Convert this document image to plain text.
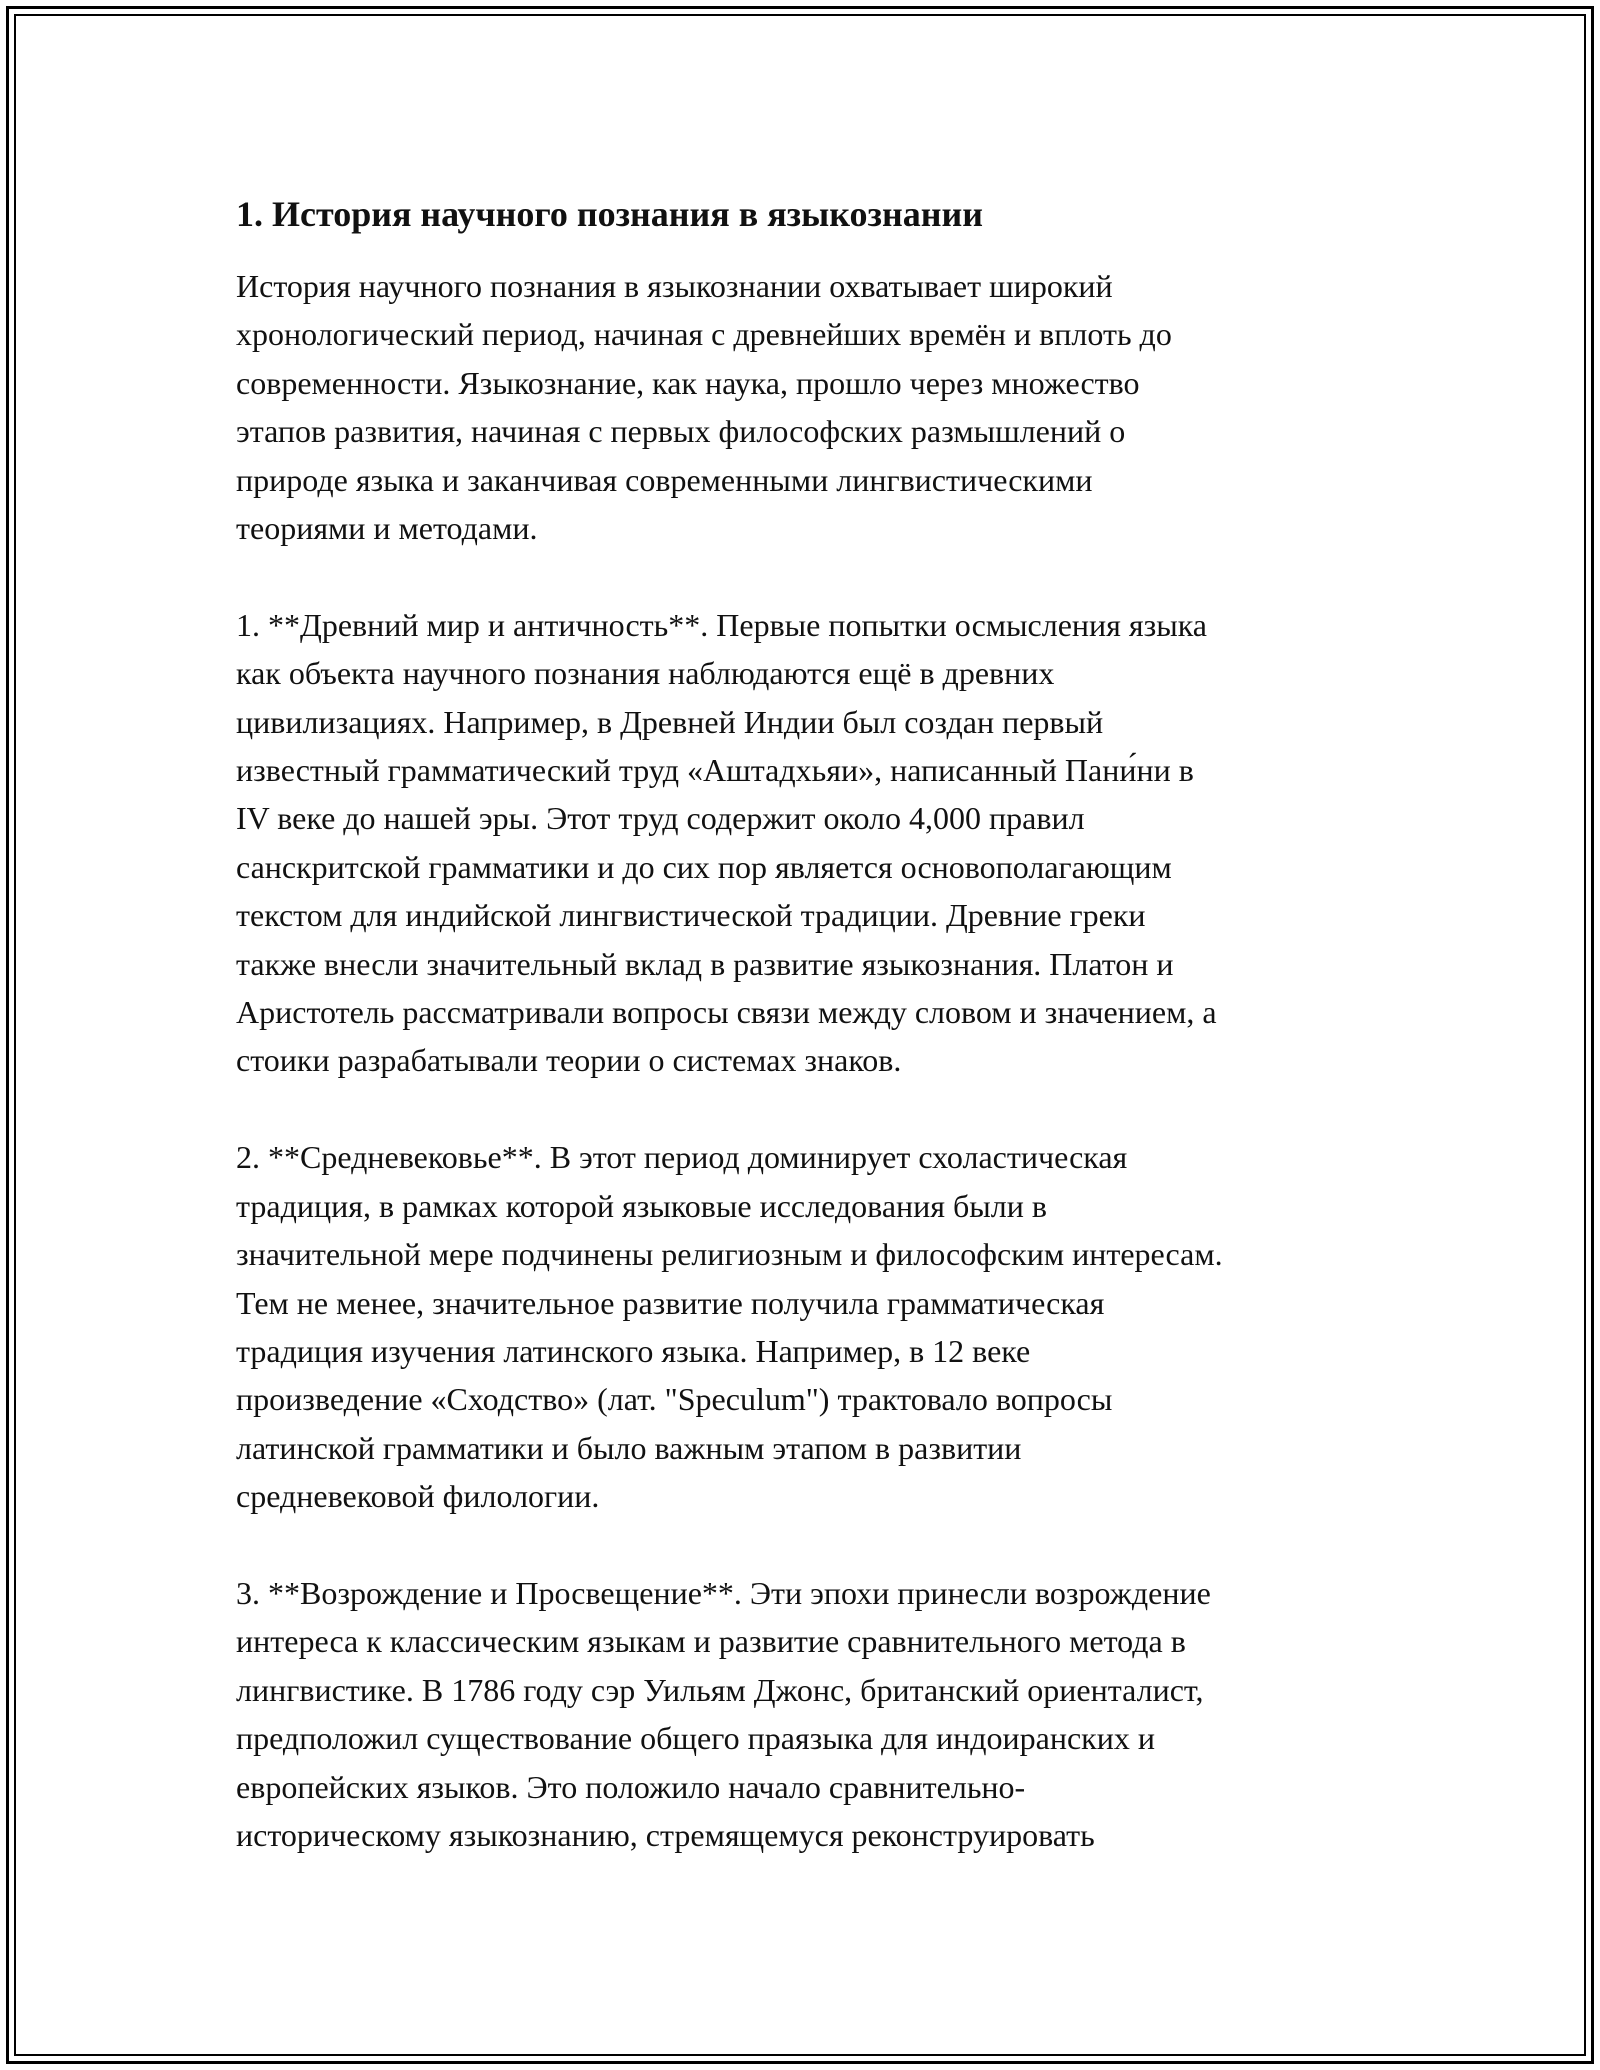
1. История научного познания в языкознании
История научного познания в языкознании охватывает широкий
хронологический период, начиная с древнейших времён и вплоть до
современности. Языкознание, как наука, прошло через множество
этапов развития, начиная с первых философских размышлений о
природе языка и заканчивая современными лингвистическими
теориями и методами.
1. **Древний мир и античность**. Первые попытки осмысления языка
как объекта научного познания наблюдаются ещё в древних
цивилизациях. Например, в Древней Индии был создан первый
известный грамматический труд «Аштадхьяи», написанный Пани́ни в
IV веке до нашей эры. Этот труд содержит около 4,000 правил
санскритской грамматики и до сих пор является основополагающим
текстом для индийской лингвистической традиции. Древние греки
также внесли значительный вклад в развитие языкознания. Платон и
Аристотель рассматривали вопросы связи между словом и значением, а
стоики разрабатывали теории о системах знаков.
2. **Средневековье**. В этот период доминирует схоластическая
традиция, в рамках которой языковые исследования были в
значительной мере подчинены религиозным и философским интересам.
Тем не менее, значительное развитие получила грамматическая
традиция изучения латинского языка. Например, в 12 веке
произведение «Сходство» (лат. "Speculum") трактовало вопросы
латинской грамматики и было важным этапом в развитии
средневековой филологии.
3. **Возрождение и Просвещение**. Эти эпохи принесли возрождение
интереса к классическим языкам и развитие сравнительного метода в
лингвистике. В 1786 году сэр Уильям Джонс, британский ориенталист,
предположил существование общего праязыка для индоиранских и
европейских языков. Это положило начало сравнительно-
историческому языкознанию, стремящемуся реконструировать
